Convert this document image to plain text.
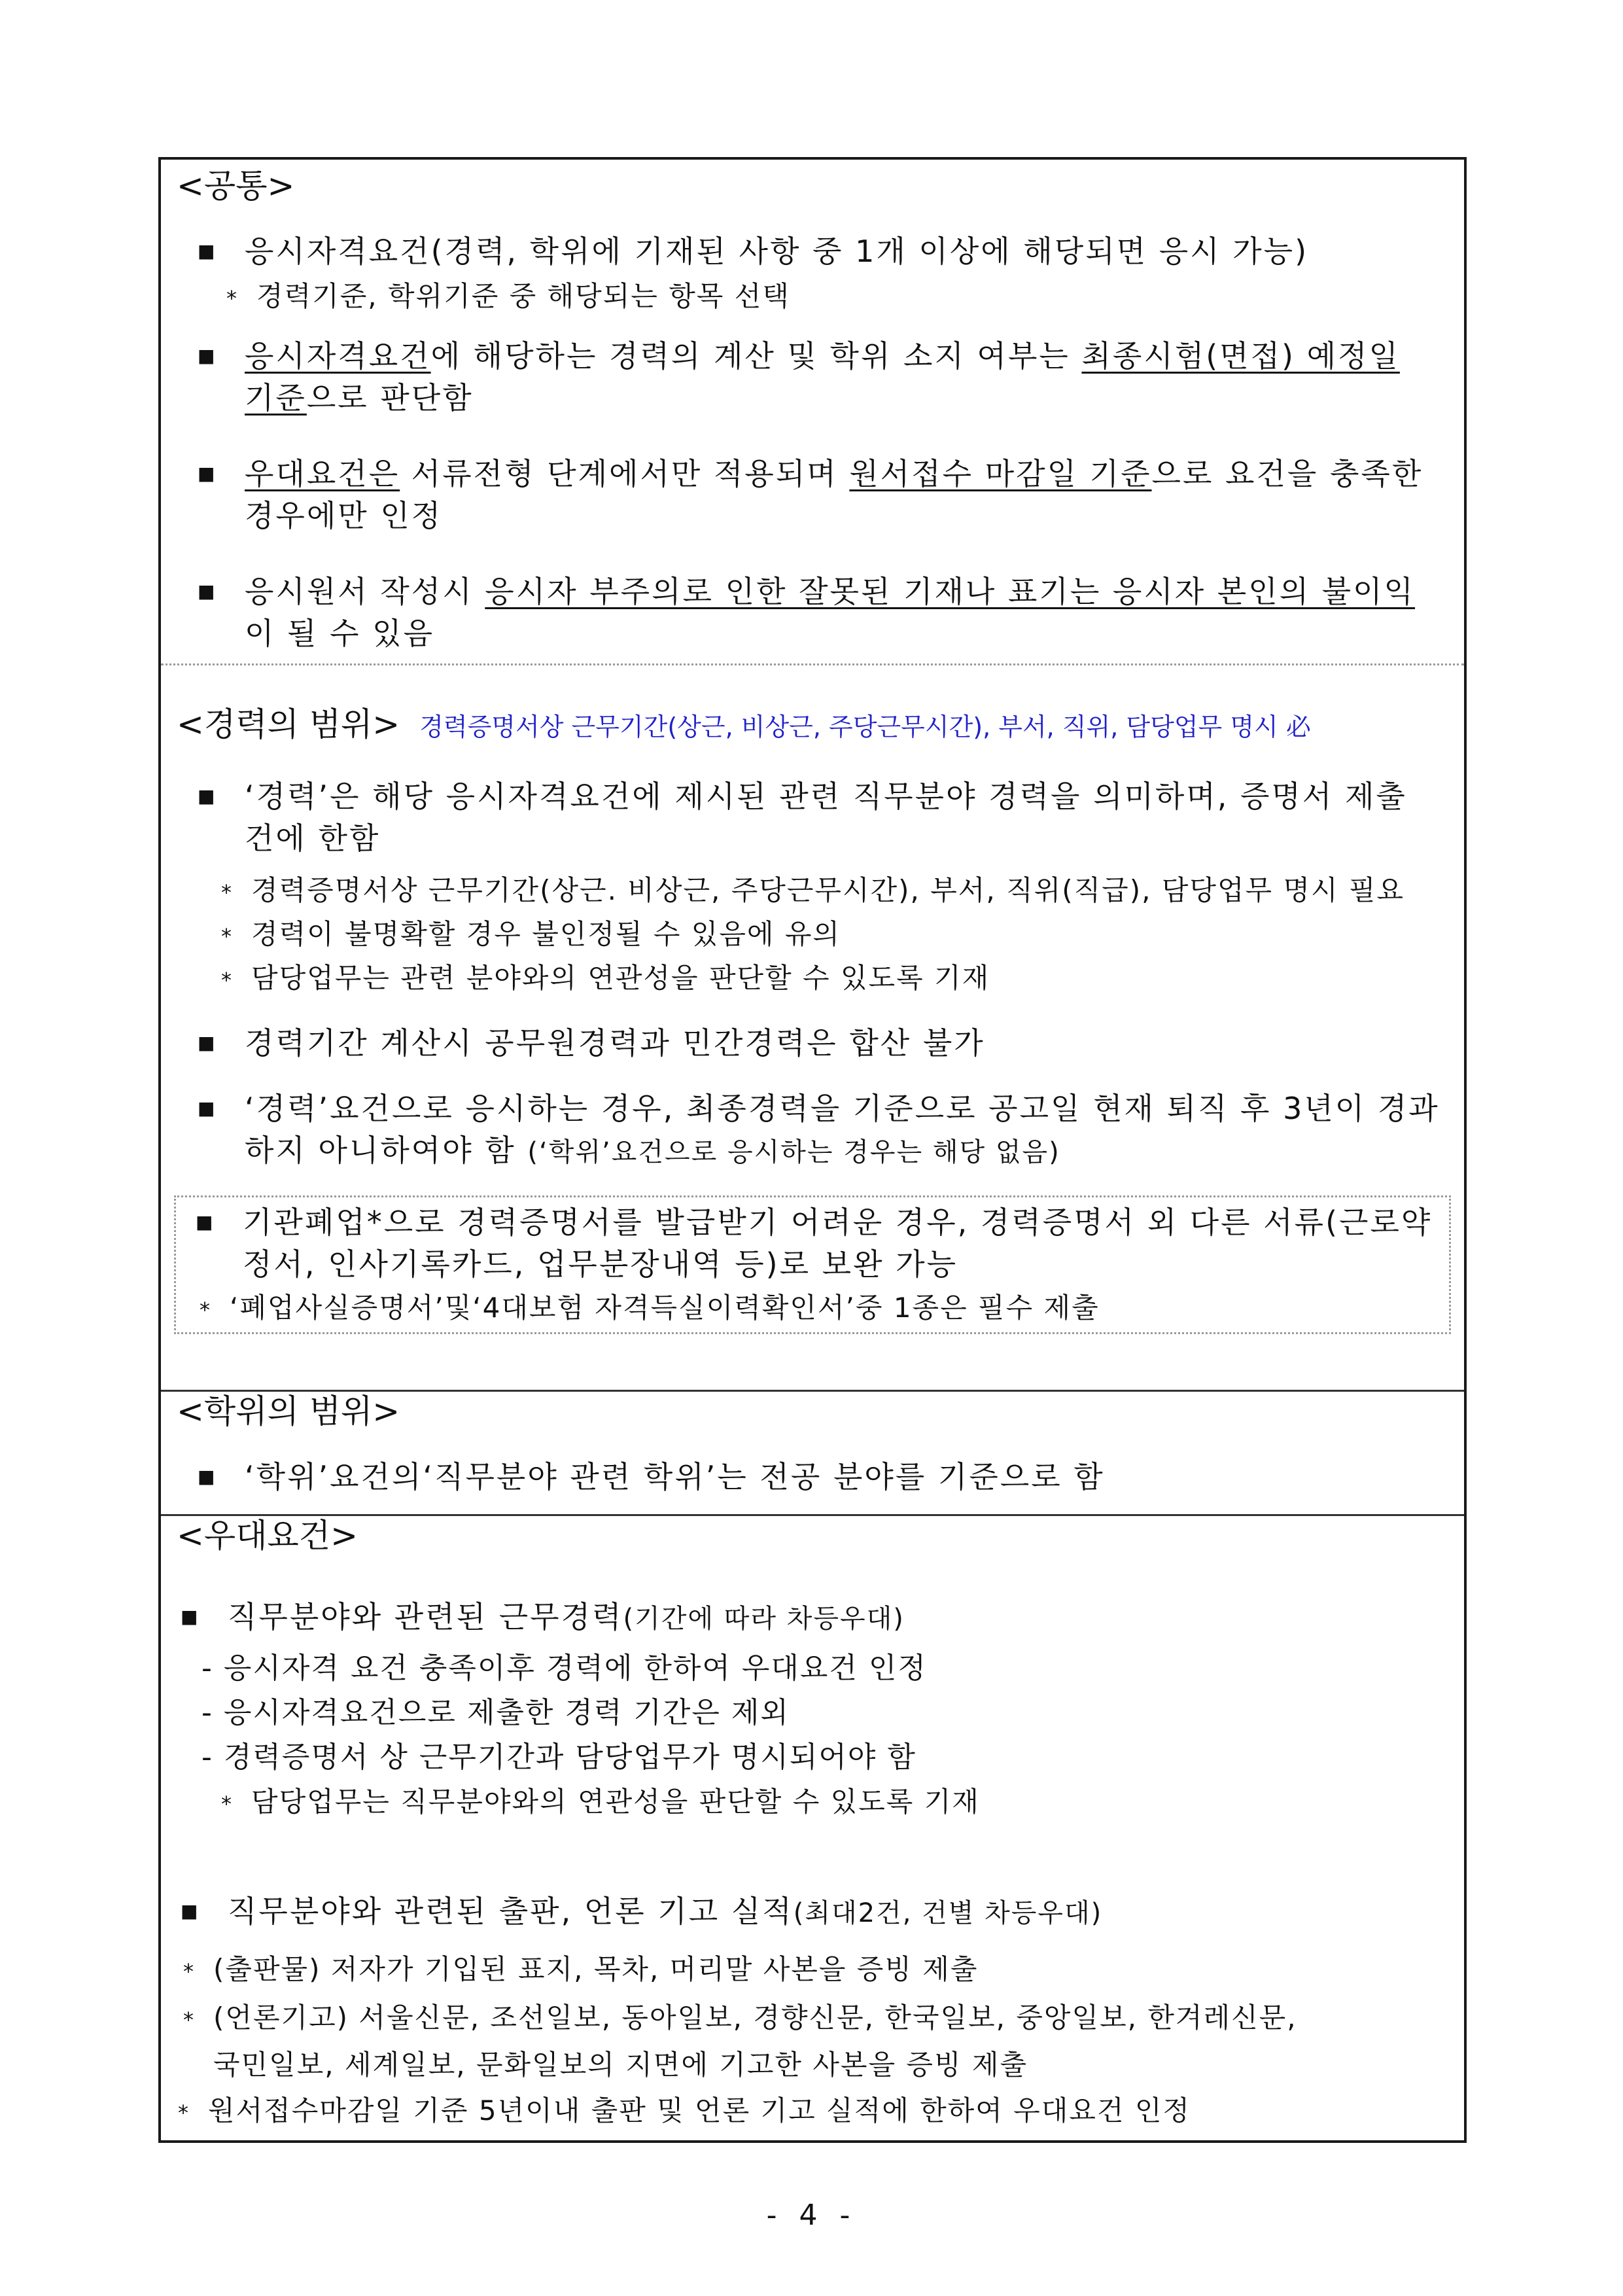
<공통>
■ 응시자격요건(경력, 학위에 기재된 사항 중 1개 이상에 해당되면 응시 가능)
* 경력기준, 학위기준 중 해당되는 항목 선택
■ 응시자격요건에 해당하는 경력의 계산 및 학위 소지 여부는 최종시험(면접) 예정일 기준으로 판단함
■ 우대요건은 서류전형 단계에서만 적용되며 원서접수 마감일 기준으로 요건을 충족한 경우에만 인정
■ 응시원서 작성시 응시자 부주의로 인한 잘못된 기재나 표기는 응시자 본인의 불이익이 될 수 있음
<경력의 범위> 경력증명서상 근무기간(상근, 비상근, 주당근무시간), 부서, 직위, 담당업무 명시 必
■ ‘경력’은 해당 응시자격요건에 제시된 관련 직무분야 경력을 의미하며, 증명서 제출 건에 한함
* 경력증명서상 근무기간(상근. 비상근, 주당근무시간), 부서, 직위(직급), 담당업무 명시 필요
* 경력이 불명확할 경우 불인정될 수 있음에 유의
* 담당업무는 관련 분야와의 연관성을 판단할 수 있도록 기재
■ 경력기간 계산시 공무원경력과 민간경력은 합산 불가
■ ‘경력’요건으로 응시하는 경우, 최종경력을 기준으로 공고일 현재 퇴직 후 3년이 경과하지 아니하여야 함 (‘학위’요건으로 응시하는 경우는 해당 없음)
■ 기관폐업*으로 경력증명서를 발급받기 어려운 경우, 경력증명서 외 다른 서류(근로약정서, 인사기록카드, 업무분장내역 등)로 보완 가능
* ‘폐업사실증명서’및‘4대보험 자격득실이력확인서’중 1종은 필수 제출
<학위의 범위>
■ ‘학위’요건의‘직무분야 관련 학위’는 전공 분야를 기준으로 함
<우대요건>
■ 직무분야와 관련된 근무경력(기간에 따라 차등우대)
- 응시자격 요건 충족이후 경력에 한하여 우대요건 인정
- 응시자격요건으로 제출한 경력 기간은 제외
- 경력증명서 상 근무기간과 담당업무가 명시되어야 함
* 담당업무는 직무분야와의 연관성을 판단할 수 있도록 기재
■ 직무분야와 관련된 출판, 언론 기고 실적(최대2건, 건별 차등우대)
* (출판물) 저자가 기입된 표지, 목차, 머리말 사본을 증빙 제출
* (언론기고) 서울신문, 조선일보, 동아일보, 경향신문, 한국일보, 중앙일보, 한겨레신문,
국민일보, 세계일보, 문화일보의 지면에 기고한 사본을 증빙 제출
* 원서접수마감일 기준 5년이내 출판 및 언론 기고 실적에 한하여 우대요건 인정
- 4 -
